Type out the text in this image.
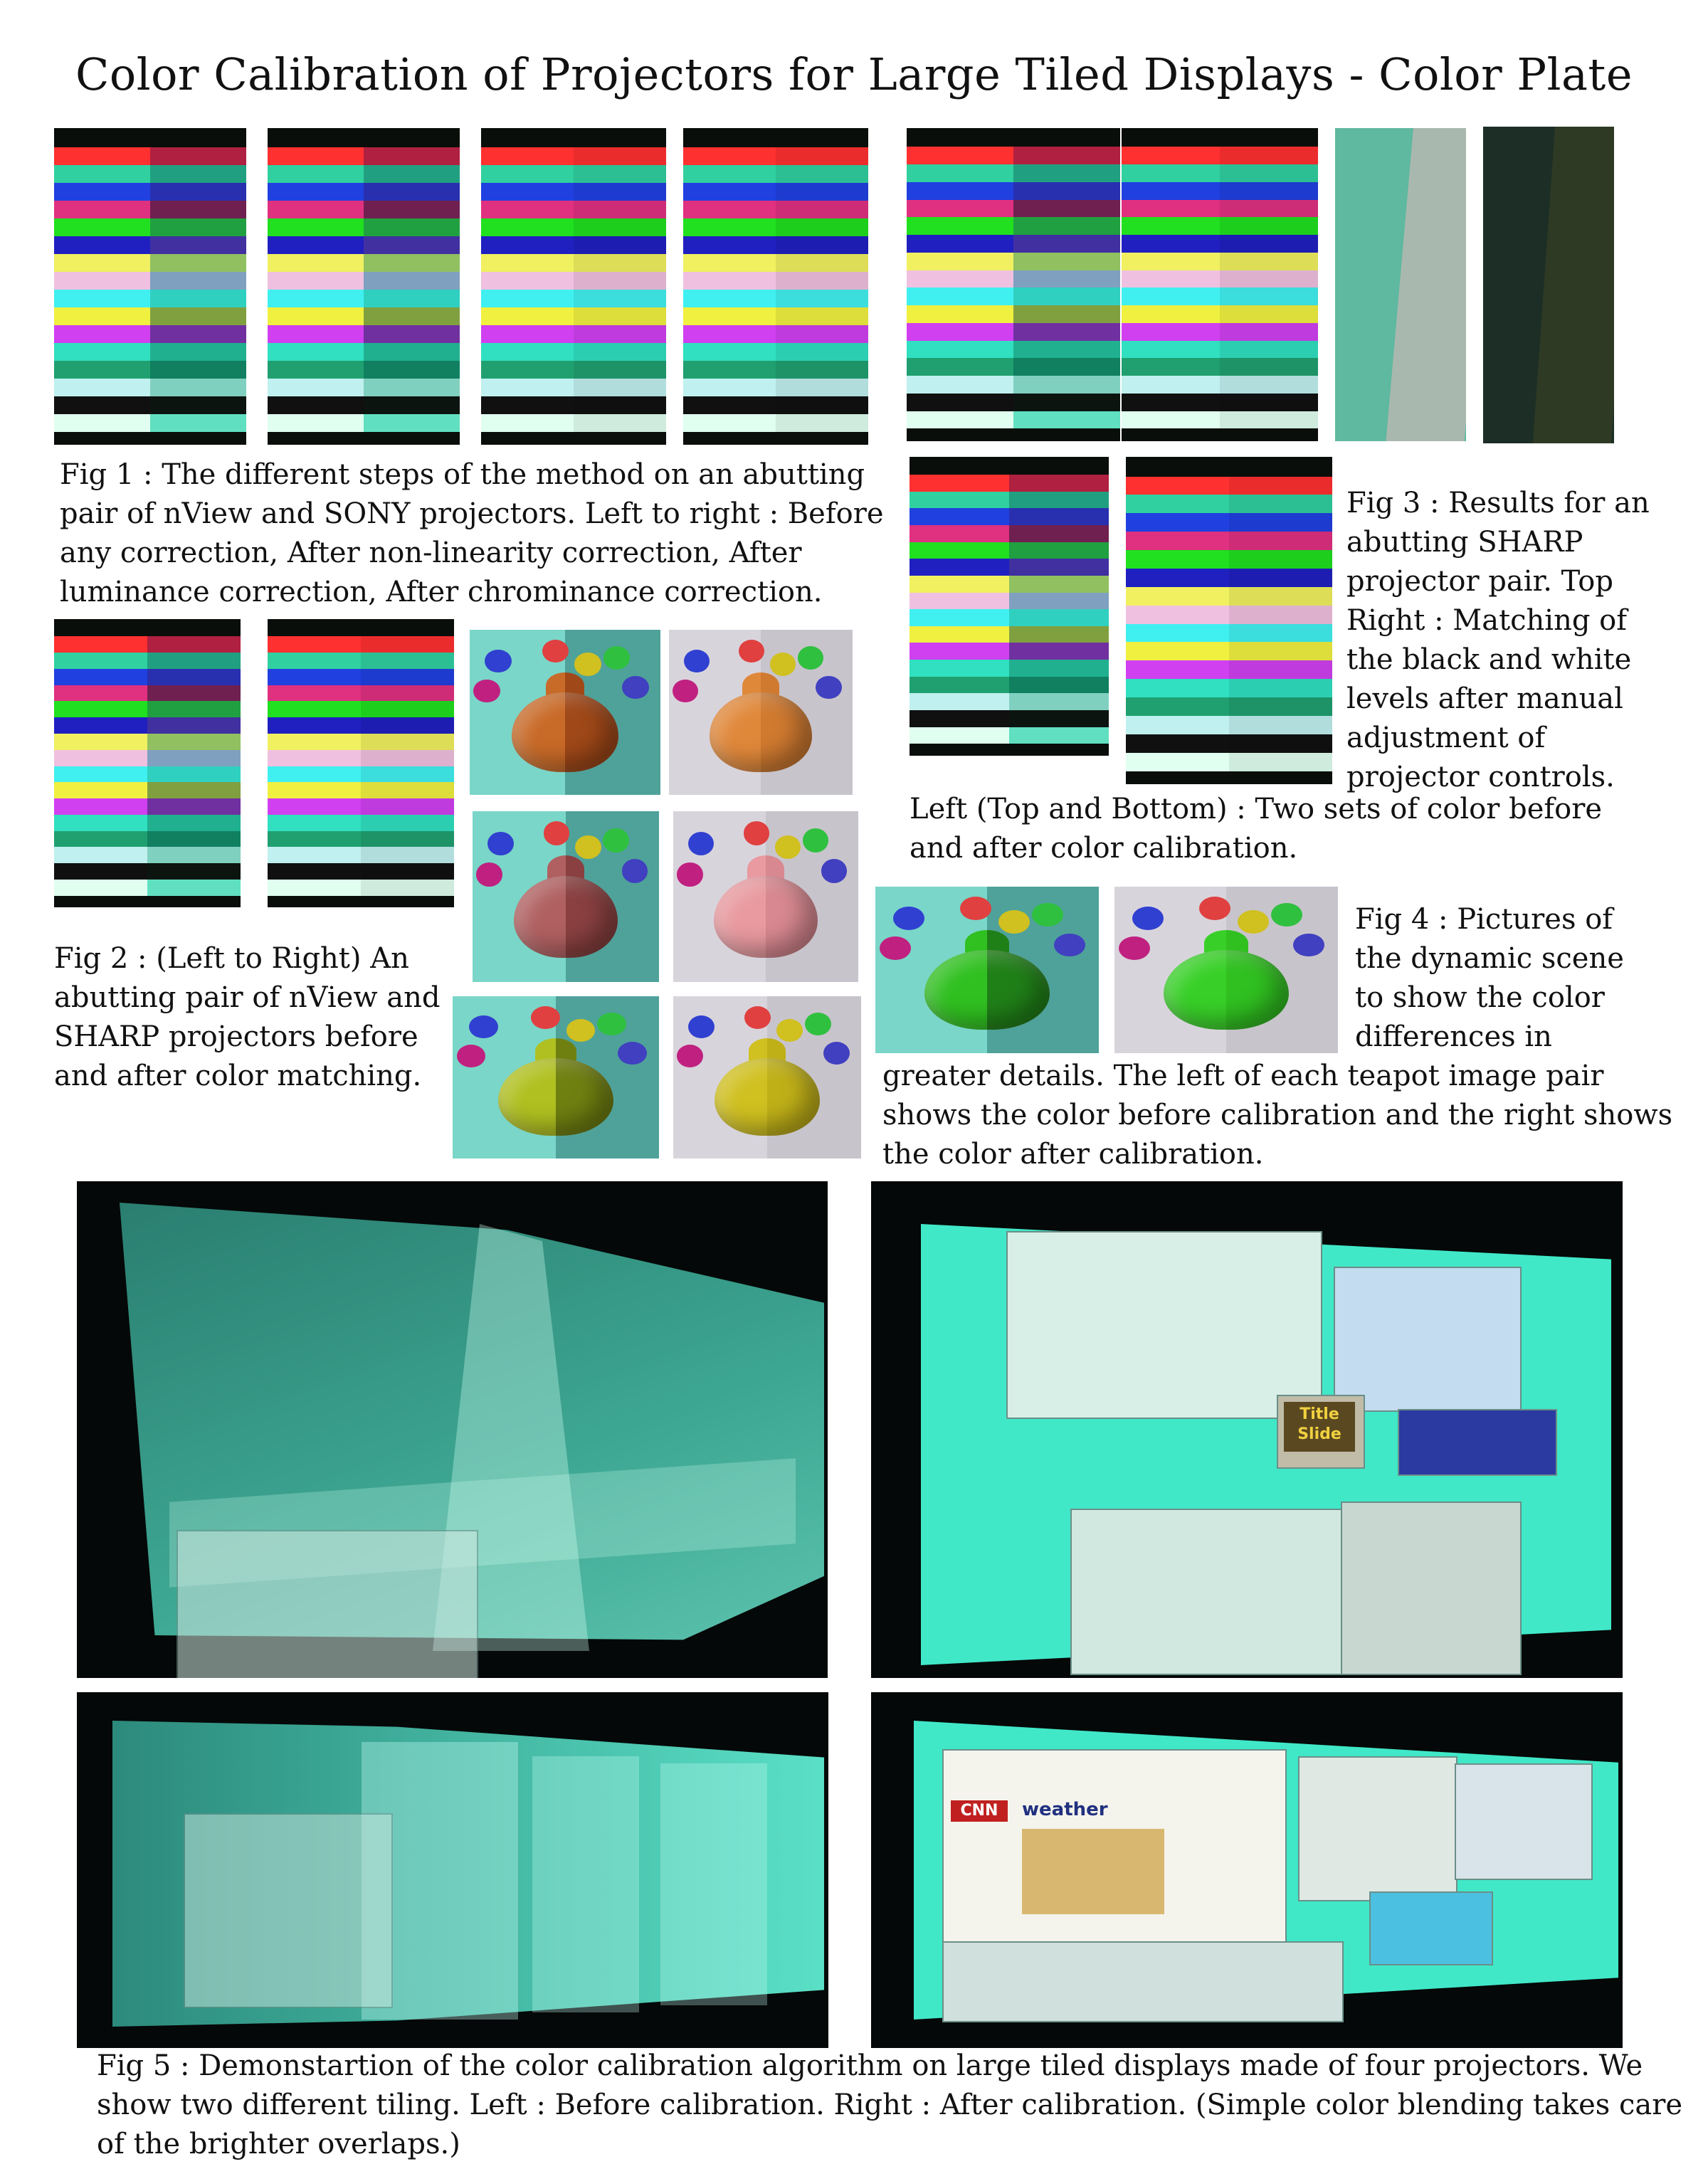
Color Calibration of Projectors for Large Tiled Displays - Color Plate
Fig 1 : The different steps of the method on an abutting
pair of nView and SONY projectors. Left to right : Before
any correction, After non-linearity correction, After
luminance correction, After chrominance correction.
Fig 2 : (Left to Right) An
abutting pair of nView and
SHARP projectors before
and after color matching.
Fig 3 : Results for an
abutting SHARP
projector pair. Top
Right : Matching of
the black and white
levels after manual
adjustment of
projector controls.
Left (Top and Bottom) : Two sets of color before
and after color calibration.
Fig 4 : Pictures of
the dynamic scene
to show the color
differences in
greater details. The left of each teapot image pair
shows the color before calibration and the right shows
the color after calibration.
Title Slide
CNN	weather
Fig 5 : Demonstartion of the color calibration algorithm on large tiled displays made of four projectors. We
show two different tiling. Left : Before calibration. Right : After calibration. (Simple color blending takes care
of the brighter overlaps.)
